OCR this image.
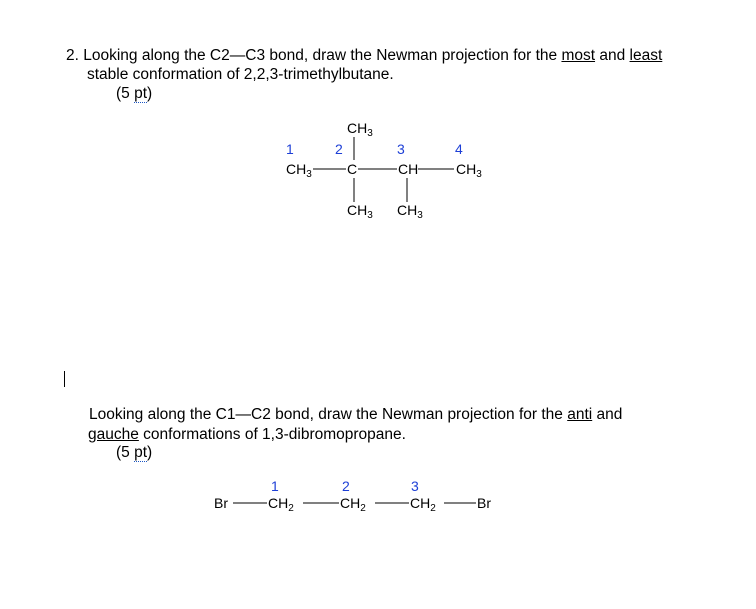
2. Looking along the C2—C3 bond, draw the Newman projection for the most and least
stable conformation of 2,2,3-trimethylbutane.
(5 pt)
Looking along the C1—C2 bond, draw the Newman projection for the anti and
gauche conformations of 1,3-dibromopropane.
(5 pt)
1	2	3	4
$CH_3$
$CH_3$	C	CH	$CH_3$
$CH_3$ $CH_3$
1	2	3
Br	$CH_2$	$CH_2$	$CH_2$	Br
